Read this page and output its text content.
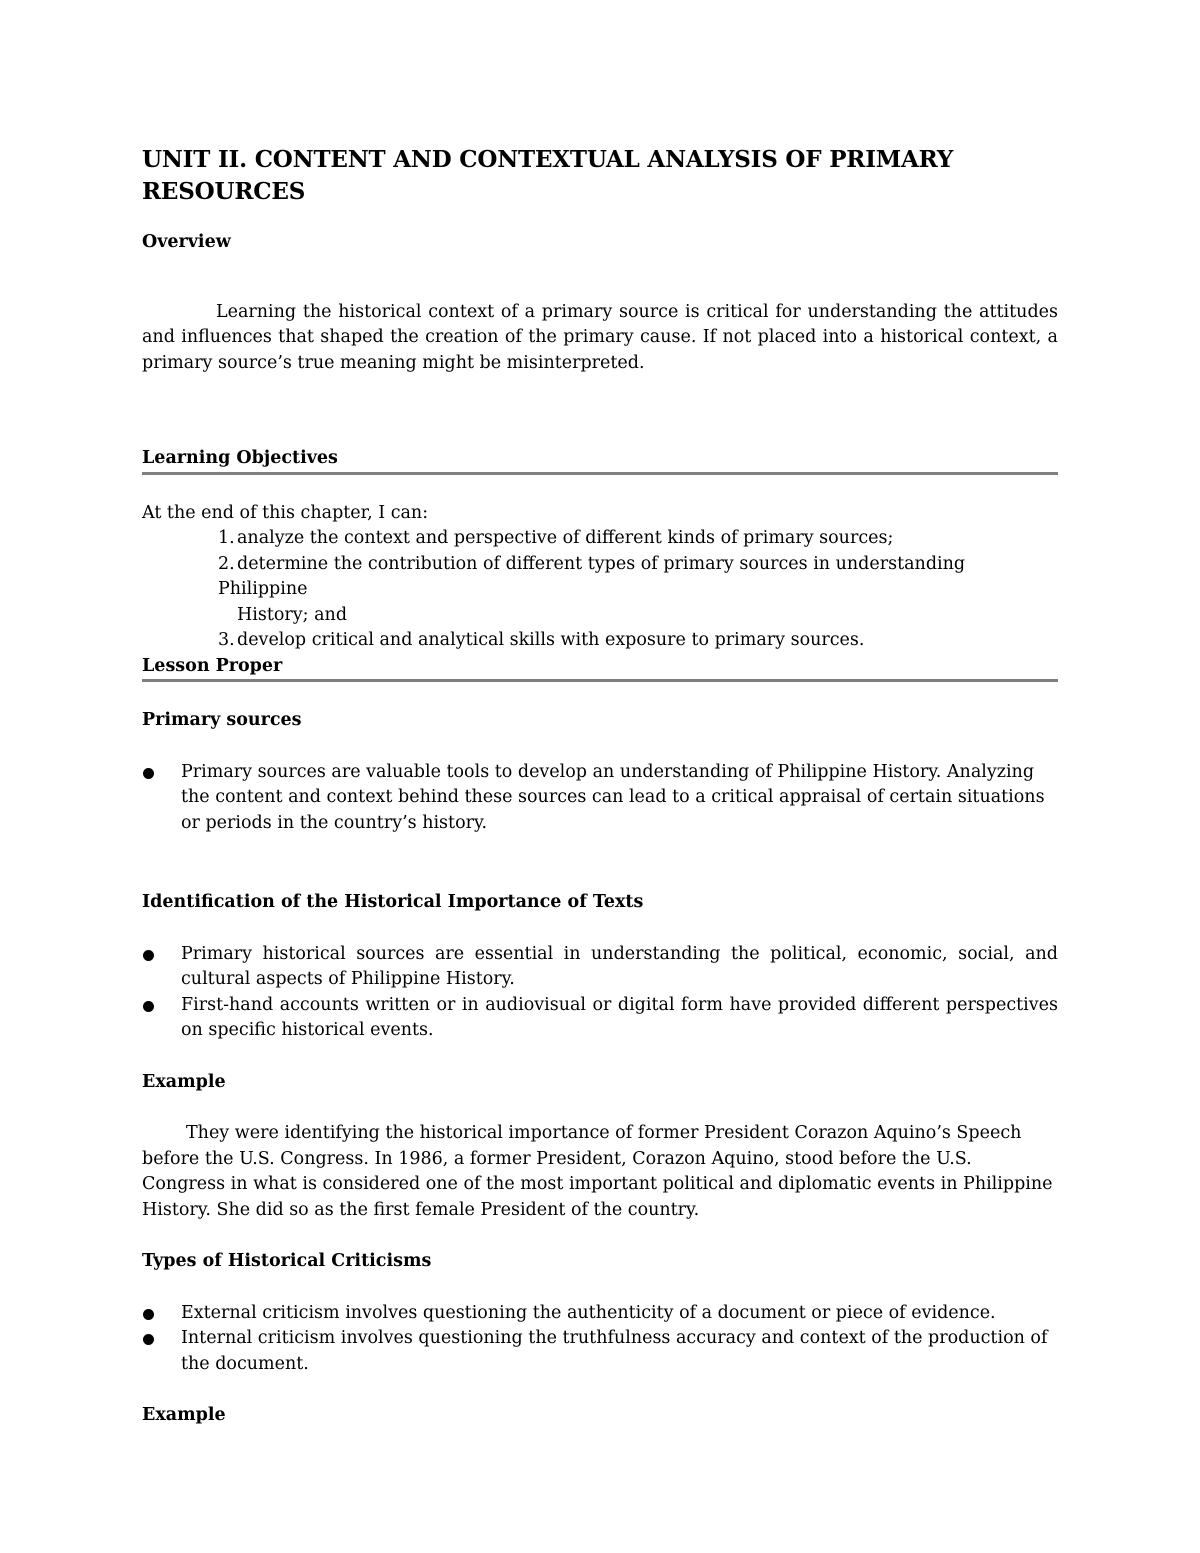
UNIT II. CONTENT AND CONTEXTUAL ANALYSIS OF PRIMARY
RESOURCES
Overview

Learning the historical context of a primary source is critical for understanding the attitudes and influences that shaped the creation of the primary cause. If not placed into a historical context, a primary source’s true meaning might be misinterpreted.

Learning Objectives

At the end of this chapter, I can:

1. analyze the context and perspective of different kinds of primary sources;
2. determine the contribution of different types of primary sources in understanding Philippine
History; and
3. develop critical and analytical skills with exposure to primary sources.
Lesson Proper
Primary sources
Primary sources are valuable tools to develop an understanding of Philippine History. Analyzing the content and context behind these sources can lead to a critical appraisal of certain situations or periods in the country’s history.
Identification of the Historical Importance of Texts
Primary historical sources are essential in understanding the political, economic, social, and cultural aspects of Philippine History.
First-hand accounts written or in audiovisual or digital form have provided different perspectives on specific historical events.
Example

They were identifying the historical importance of former President Corazon Aquino’s Speech before the U.S. Congress. In 1986, a former President, Corazon Aquino, stood before the U.S. Congress in what is considered one of the most important political and diplomatic events in Philippine History. She did so as the first female President of the country.

Types of Historical Criticisms
External criticism involves questioning the authenticity of a document or piece of evidence.
Internal criticism involves questioning the truthfulness accuracy and context of the production of the document.
Example
